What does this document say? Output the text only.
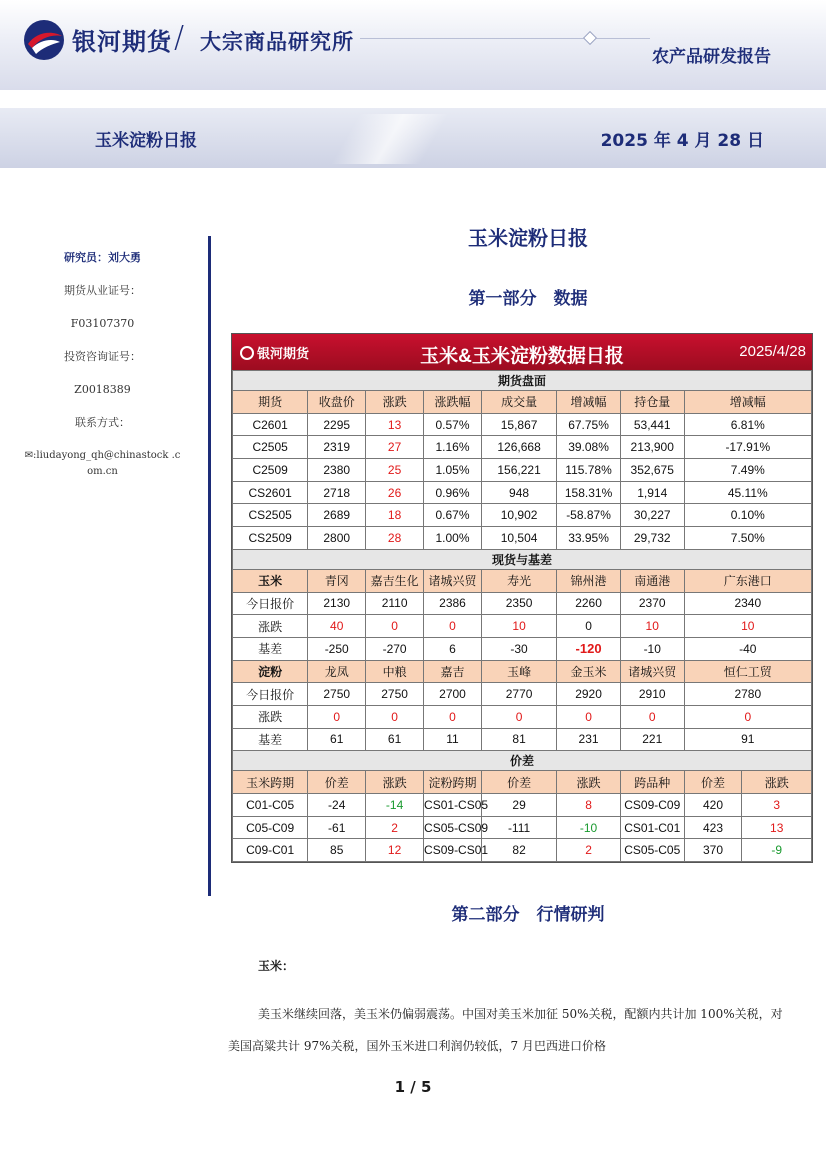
银河期货 / 大宗商品研究所
农产品研发报告
玉米淀粉日报	2025 年 4 月 28 日
研究员：刘大勇
期货从业证号：
F03107370
投资咨询证号：
Z0018389
联系方式：
✉:liudayong_qh@chinastock .com.cn
玉米淀粉日报
第一部分　数据
银河期货	玉米&玉米淀粉数据日报	2025/4/28
期货盘面								
期货	收盘价	涨跌	涨跌幅	成交量	增减幅	持仓量	增减幅	
C2601	2295	13	0.57%	15,867	67.75%	53,441	6.81%	
C2505	2319	27	1.16%	126,668	39.08%	213,900	-17.91%	
C2509	2380	25	1.05%	156,221	115.78%	352,675	7.49%	
CS2601	2718	26	0.96%	948	158.31%	1,914	45.11%	
CS2505	2689	18	0.67%	10,902	-58.87%	30,227	0.10%	
CS2509	2800	28	1.00%	10,504	33.95%	29,732	7.50%	
现货与基差								
玉米	青冈	嘉吉生化	诸城兴贸	寿光	锦州港	南通港	广东港口	
今日报价	2130	2110	2386	2350	2260	2370	2340	
涨跌	40	0	0	10	0	10	10	
基差	-250	-270	6	-30	-120	-10	-40	
淀粉	龙凤	中粮	嘉吉	玉峰	金玉米	诸城兴贸	恒仁工贸	
今日报价	2750	2750	2700	2770	2920	2910	2780	
涨跌	0	0	0	0	0	0	0	
基差	61	61	11	81	231	221	91	
价差								
玉米跨期	价差	涨跌	淀粉跨期	价差	涨跌	跨品种	价差	涨跌
C01-C05	-24	-14	CS01-CS05	29	8	CS09-C09	420	3
C05-C09	-61	2	CS05-CS09	-111	-10	CS01-C01	423	13
C09-C01	85	12	CS09-CS01	82	2	CS05-C05	370	-9
第二部分　行情研判
玉米：
美玉米继续回落，美玉米仍偏弱震荡。中国对美玉米加征 50%关税，配额内共计加 100%关税，对美国高粱共计 97%关税，国外玉米进口利润仍较低，7 月巴西进口价格
1 / 5
